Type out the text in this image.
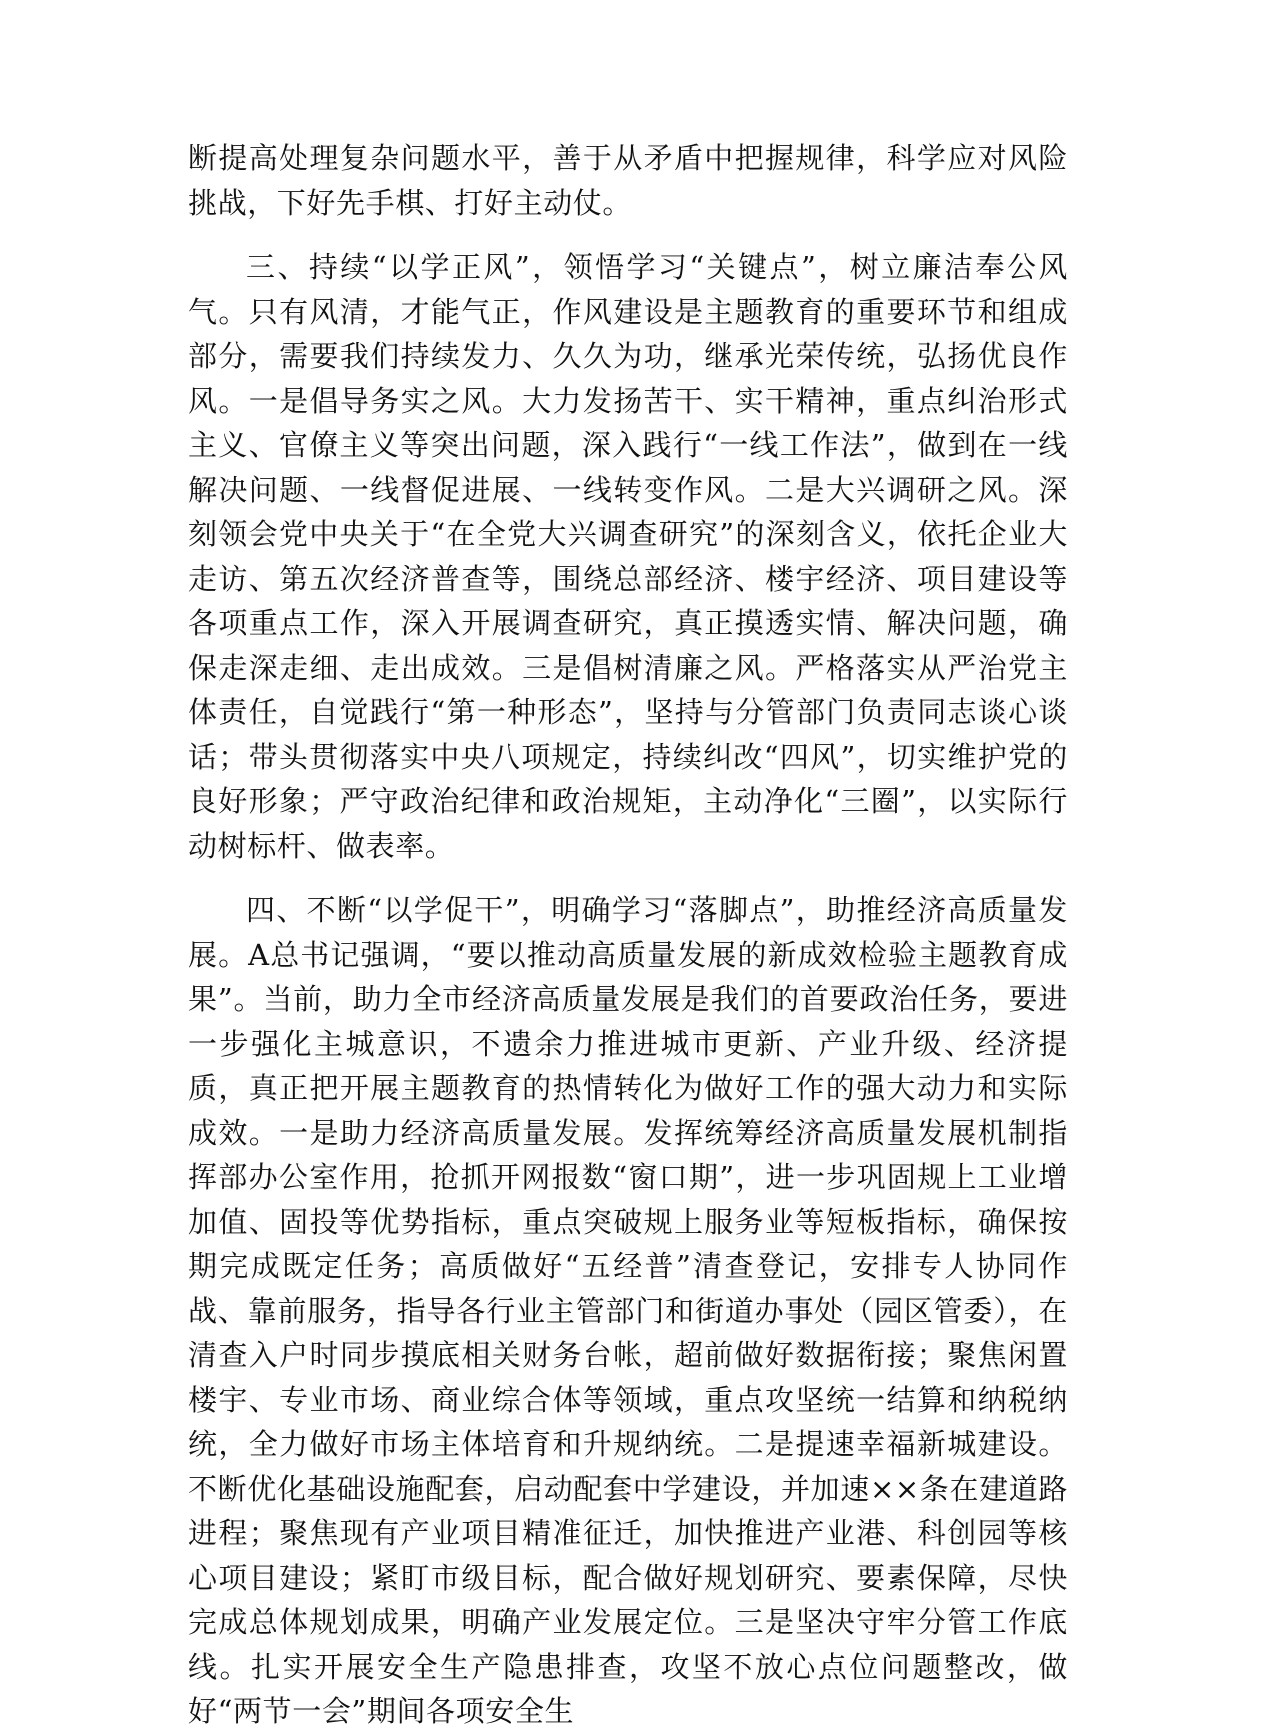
断提高处理复杂问题水平，善于从矛盾中把握规律，科学应对风险挑战，下好先手棋、打好主动仗。

三、持续“以学正风”，领悟学习“关键点”，树立廉洁奉公风气。只有风清，才能气正，作风建设是主题教育的重要环节和组成部分，需要我们持续发力、久久为功，继承光荣传统，弘扬优良作风。一是倡导务实之风。大力发扬苦干、实干精神，重点纠治形式主义、官僚主义等突出问题，深入践行“一线工作法”，做到在一线解决问题、一线督促进展、一线转变作风。二是大兴调研之风。深刻领会党中央关于“在全党大兴调查研究”的深刻含义，依托企业大走访、第五次经济普查等，围绕总部经济、楼宇经济、项目建设等各项重点工作，深入开展调查研究，真正摸透实情、解决问题，确保走深走细、走出成效。三是倡树清廉之风。严格落实从严治党主体责任，自觉践行“第一种形态”，坚持与分管部门负责同志谈心谈话；带头贯彻落实中央八项规定，持续纠改“四风”，切实维护党的良好形象；严守政治纪律和政治规矩，主动净化“三圈”，以实际行动树标杆、做表率。

四、不断“以学促干”，明确学习“落脚点”，助推经济高质量发展。A总书记强调，“要以推动高质量发展的新成效检验主题教育成果”。当前，助力全市经济高质量发展是我们的首要政治任务，要进一步强化主城意识，不遗余力推进城市更新、产业升级、经济提质，真正把开展主题教育的热情转化为做好工作的强大动力和实际成效。一是助力经济高质量发展。发挥统筹经济高质量发展机制指挥部办公室作用，抢抓开网报数“窗口期”，进一步巩固规上工业增加值、固投等优势指标，重点突破规上服务业等短板指标，确保按期完成既定任务；高质做好“五经普”清查登记，安排专人协同作战、靠前服务，指导各行业主管部门和街道办事处（园区管委），在清查入户时同步摸底相关财务台帐，超前做好数据衔接；聚焦闲置楼宇、专业市场、商业综合体等领域，重点攻坚统一结算和纳税纳统，全力做好市场主体培育和升规纳统。二是提速幸福新城建设。不断优化基础设施配套，启动配套中学建设，并加速××条在建道路进程；聚焦现有产业项目精准征迁，加快推进产业港、科创园等核心项目建设；紧盯市级目标，配合做好规划研究、要素保障，尽快完成总体规划成果，明确产业发展定位。三是坚决守牢分管工作底线。扎实开展安全生产隐患排查，攻坚不放心点位问题整改，做好“两节一会”期间各项安全生
